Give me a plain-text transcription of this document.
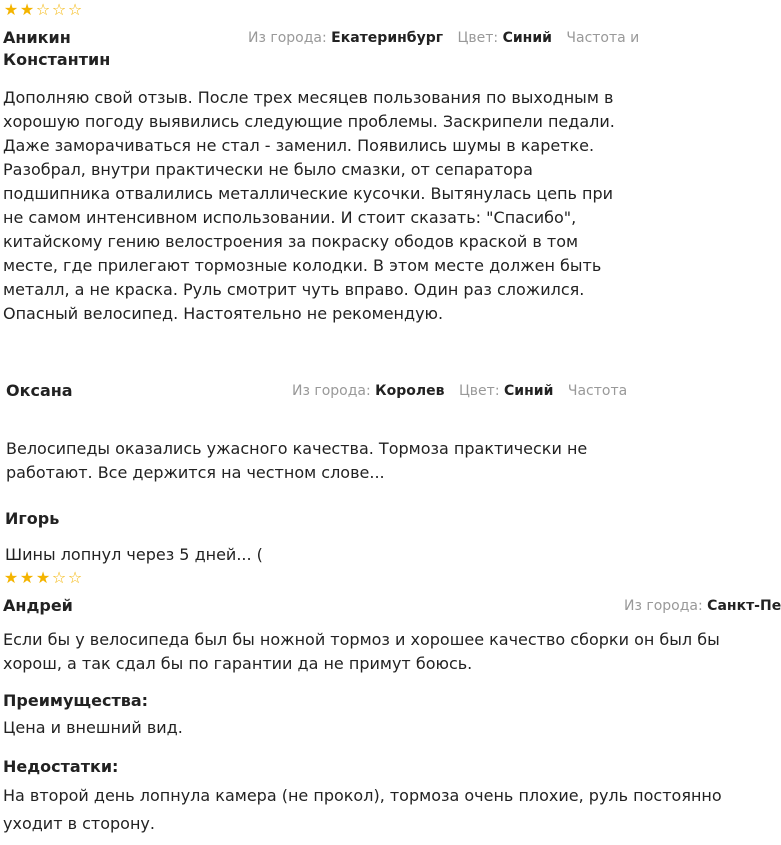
★ ★ ☆ ☆ ☆
Аникин
Константин
Из города: Екатеринбург Цвет: Синий Частота и
Дополняю свой отзыв. После трех месяцев пользования по выходным в хорошую погоду выявились следующие проблемы. Заскрипели педали. Даже заморачиваться не стал - заменил. Появились шумы в каретке. Разобрал, внутри практически не было смазки, от сепаратора подшипника отвалились металлические кусочки. Вытянулась цепь при не самом интенсивном использовании. И стоит сказать: "Спасибо", китайскому гению велостроения за покраску ободов краской в том месте, где прилегают тормозные колодки. В этом месте должен быть металл, а не краска. Руль смотрит чуть вправо. Один раз сложился. Опасный велосипед. Настоятельно не рекомендую.
Оксана	Из города: Королев Цвет: Синий Частота
Велосипеды оказались ужасного качества. Тормоза практически не работают. Все держится на честном слове...
Игорь
Шины лопнул через 5 дней... (
★ ★ ★ ☆ ☆
Андрей	Из города: Санкт-Пе
Если бы у велосипеда был бы ножной тормоз и хорошее качество сборки он был бы хорош, а так сдал бы по гарантии да не примут боюсь.
Преимущества:
Цена и внешний вид.
Недостатки:
На второй день лопнула камера (не прокол), тормоза очень плохие, руль постоянно уходит в сторону.
